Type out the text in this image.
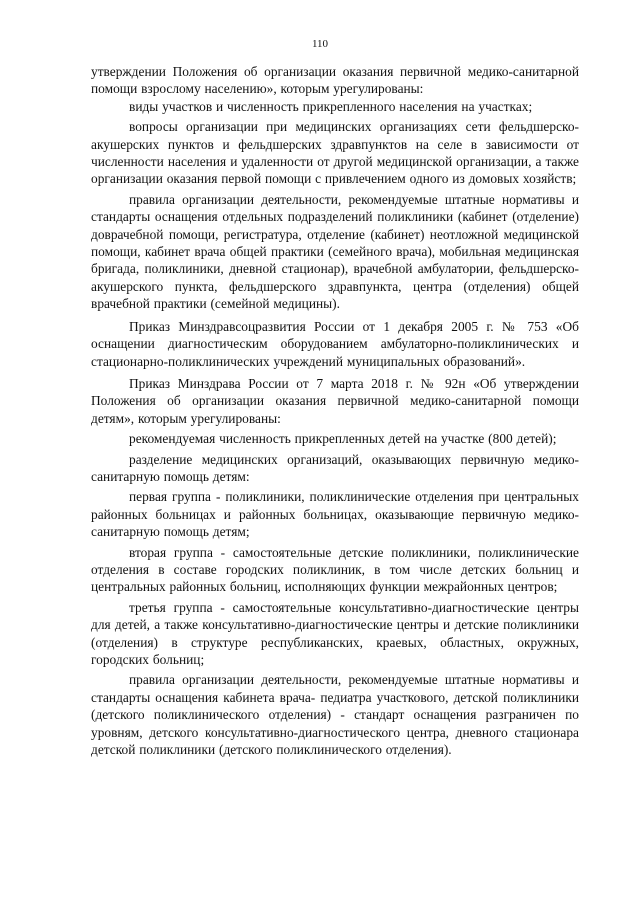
110

утверждении Положения об организации оказания первичной медико-санитарной помощи взрослому населению», которым урегулированы:

виды участков и численность прикрепленного населения на участках;

вопросы организации при медицинских организациях сети фельдшерско-акушерских пунктов и фельдшерских здравпунктов на селе в зависимости от численности населения и удаленности от другой медицинской организации, а также организации оказания первой помощи с привлечением одного из домовых хозяйств;

правила организации деятельности, рекомендуемые штатные нормативы и стандарты оснащения отдельных подразделений поликлиники (кабинет (отделение) доврачебной помощи, регистратура, отделение (кабинет) неотложной медицинской помощи, кабинет врача общей практики (семейного врача), мобильная медицинская бригада, поликлиники, дневной стационар), врачебной амбулатории, фельдшерско-акушерского пункта, фельдшерского здравпункта, центра (отделения) общей врачебной практики (семейной медицины).

Приказ Минздравсоцразвития России от 1 декабря 2005 г. № 753 «Об оснащении диагностическим оборудованием амбулаторно-поликлинических и стационарно-поликлинических учреждений муниципальных образований».

Приказ Минздрава России от 7 марта 2018 г. № 92н «Об утверждении Положения об организации оказания первичной медико-санитарной помощи детям», которым урегулированы:

рекомендуемая численность прикрепленных детей на участке (800 детей);

разделение медицинских организаций, оказывающих первичную медико-санитарную помощь детям:

первая группа - поликлиники, поликлинические отделения при центральных районных больницах и районных больницах, оказывающие первичную медико-санитарную помощь детям;

вторая группа - самостоятельные детские поликлиники, поликлинические отделения в составе городских поликлиник, в том числе детских больниц и центральных районных больниц, исполняющих функции межрайонных центров;

третья группа - самостоятельные консультативно-диагностические центры для детей, а также консультативно-диагностические центры и детские поликлиники (отделения) в структуре республиканских, краевых, областных, окружных, городских больниц;

правила организации деятельности, рекомендуемые штатные нормативы и стандарты оснащения кабинета врача- педиатра участкового, детской поликлиники (детского поликлинического отделения) - стандарт оснащения разграничен по уровням, детского консультативно-диагностического центра, дневного стационара детской поликлиники (детского поликлинического отделения).
